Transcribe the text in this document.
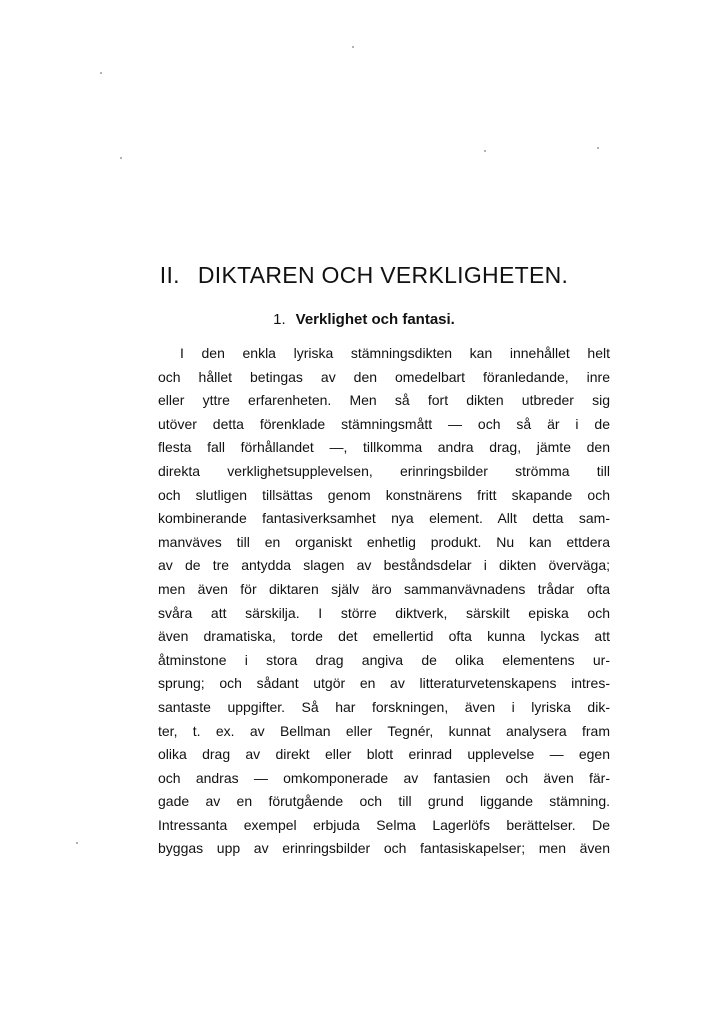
II. DIKTAREN OCH VERKLIGHETEN.
1. Verklighet och fantasi.
I den enkla lyriska stämningsdikten kan innehållet helt
och hållet betingas av den omedelbart föranledande, inre
eller yttre erfarenheten. Men så fort dikten utbreder sig
utöver detta förenklade stämningsmått — och så är i de
flesta fall förhållandet —, tillkomma andra drag, jämte den
direkta verklighetsupplevelsen, erinringsbilder strömma till
och slutligen tillsättas genom konstnärens fritt skapande och
kombinerande fantasiverksamhet nya element. Allt detta sam-
manväves till en organiskt enhetlig produkt. Nu kan ettdera
av de tre antydda slagen av beståndsdelar i dikten överväga;
men även för diktaren själv äro sammanvävnadens trådar ofta
svåra att särskilja. I större diktverk, särskilt episka och
även dramatiska, torde det emellertid ofta kunna lyckas att
åtminstone i stora drag angiva de olika elementens ur-
sprung; och sådant utgör en av litteraturvetenskapens intres-
santaste uppgifter. Så har forskningen, även i lyriska dik-
ter, t. ex. av Bellman eller Tegnér, kunnat analysera fram
olika drag av direkt eller blott erinrad upplevelse — egen
och andras — omkomponerade av fantasien och även fär-
gade av en förutgående och till grund liggande stämning.
Intressanta exempel erbjuda Selma Lagerlöfs berättelser. De
byggas upp av erinringsbilder och fantasiskapelser; men även
